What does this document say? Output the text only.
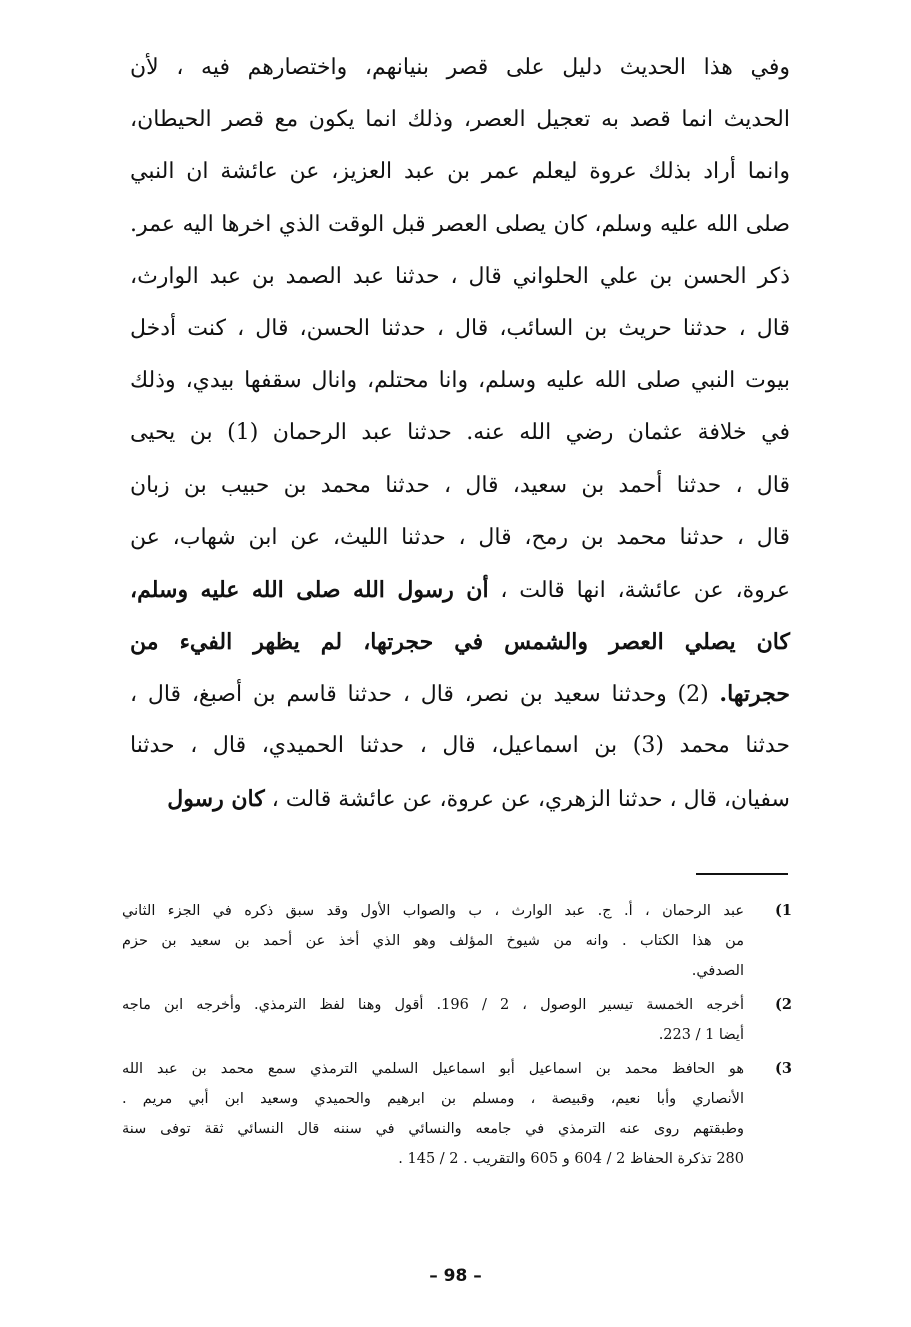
وفي هذا الحديث دليل على قصر بنيانهم، واختصارهم فيه ، لأن
الحديث انما قصد به تعجيل العصر، وذلك انما يكون مع قصر الحيطان،
وانما أراد بذلك عروة ليعلم عمر بن عبد العزيز، عن عائشة ان النبي
صلى الله عليه وسلم، كان يصلى العصر قبل الوقت الذي اخرها اليه عمر.
ذكر الحسن بن علي الحلواني قال ، حدثنا عبد الصمد بن عبد الوارث،
قال ، حدثنا حريث بن السائب، قال ، حدثنا الحسن، قال ، كنت أدخل
بيوت النبي صلى الله عليه وسلم، وانا محتلم، وانال سقفها بيدي، وذلك
في خلافة عثمان رضي الله عنه. حدثنا عبد الرحمان (1) بن يحيى
قال ، حدثنا أحمد بن سعيد، قال ، حدثنا محمد بن حبيب بن زبان
قال ، حدثنا محمد بن رمح، قال ، حدثنا الليث، عن ابن شهاب، عن
عروة، عن عائشة، انها قالت ، أن رسول الله صلى الله عليه وسلم،
كان يصلي العصر والشمس في حجرتها، لم يظهر الفيء من
حجرتها. (2) وحدثنا سعيد بن نصر، قال ، حدثنا قاسم بن أصبغ، قال ،
حدثنا محمد (3) بن اسماعيل، قال ، حدثنا الحميدي، قال ، حدثنا
سفيان، قال ، حدثنا الزهري، عن عروة، عن عائشة قالت ، كان رسول
(1
عبد الرحمان ، أ. ج. عبد الوارث ، ب والصواب الأول وقد سبق ذكره في الجزء الثاني
من هذا الكتاب . وانه من شيوخ المؤلف وهو الذي أخذ عن أحمد بن سعيد بن حزم
الصدفي.
(2
أخرجه الخمسة تيسير الوصول ، 2 / 196. أقول وهنا لفظ الترمذي. وأخرجه ابن ماجه
أيضا 1 / 223.
(3
هو الحافظ محمد بن اسماعيل أبو اسماعيل السلمي الترمذي سمع محمد بن عبد الله
الأنصاري وأبا نعيم، وقبيصة ، ومسلم بن ابرهيم والحميدي وسعيد ابن أبي مريم .
وطبقتهم روى عنه الترمذي في جامعه والنسائي في سننه قال النسائي ثقة توفى سنة
280 تذكرة الحفاظ 2 / 604 و 605 والتقريب . 2 / 145 .
– 98 –
